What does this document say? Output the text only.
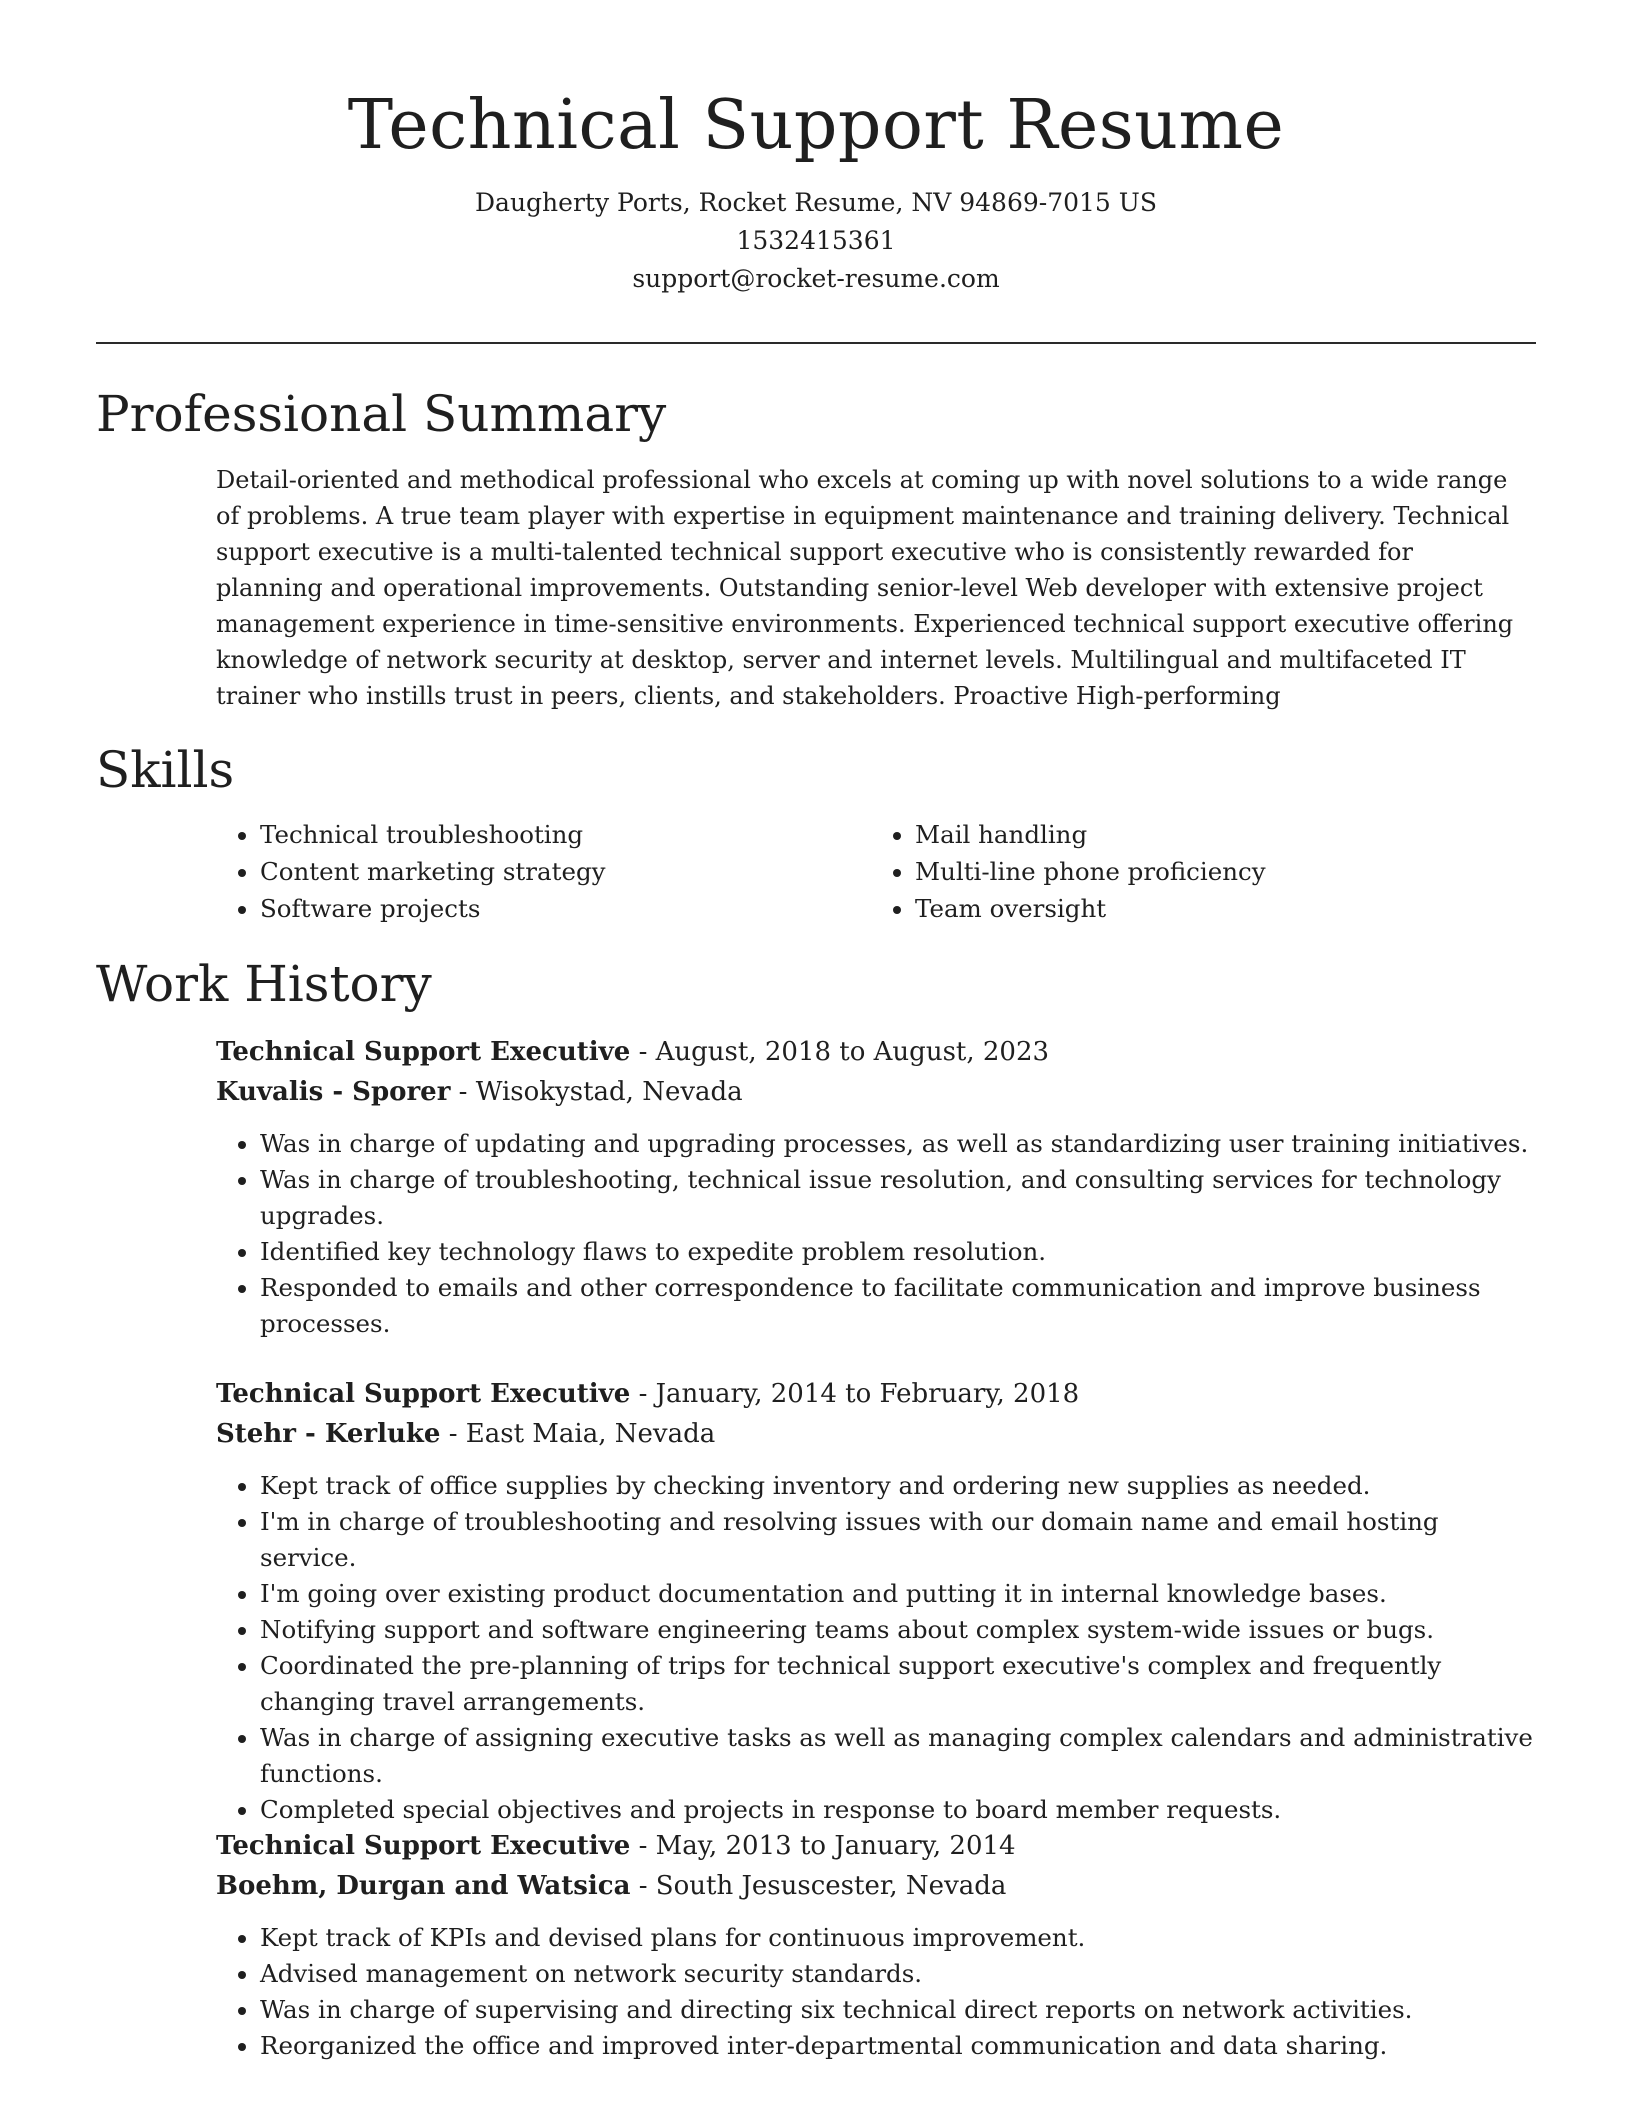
Technical Support Resume

Daugherty Ports, Rocket Resume, NV 94869-7015 US

1532415361

support@rocket-resume.com

Professional Summary

Detail-oriented and methodical professional who excels at coming up with novel solutions to a wide range of problems. A true team player with expertise in equipment maintenance and training delivery. Technical support executive is a multi-talented technical support executive who is consistently rewarded for planning and operational improvements. Outstanding senior-level Web developer with extensive project management experience in time-sensitive environments. Experienced technical support executive offering knowledge of network security at desktop, server and internet levels. Multilingual and multifaceted IT trainer who instills trust in peers, clients, and stakeholders. Proactive High-performing

Skills
• Technical troubleshooting
• Content marketing strategy
• Software projects
• Mail handling
• Multi-line phone proficiency
• Team oversight
Work History

Technical Support Executive - August, 2018 to August, 2023

Kuvalis - Sporer - Wisokystad, Nevada

• Was in charge of updating and upgrading processes, as well as standardizing user training initiatives.
• Was in charge of troubleshooting, technical issue resolution, and consulting services for technology upgrades.
• Identified key technology flaws to expedite problem resolution.
• Responded to emails and other correspondence to facilitate communication and improve business processes.

Technical Support Executive - January, 2014 to February, 2018

Stehr - Kerluke - East Maia, Nevada

• Kept track of office supplies by checking inventory and ordering new supplies as needed.
• I'm in charge of troubleshooting and resolving issues with our domain name and email hosting service.
• I'm going over existing product documentation and putting it in internal knowledge bases.
• Notifying support and software engineering teams about complex system-wide issues or bugs.
• Coordinated the pre-planning of trips for technical support executive's complex and frequently changing travel arrangements.
• Was in charge of assigning executive tasks as well as managing complex calendars and administrative functions.
• Completed special objectives and projects in response to board member requests.

Technical Support Executive - May, 2013 to January, 2014

Boehm, Durgan and Watsica - South Jesuscester, Nevada

• Kept track of KPIs and devised plans for continuous improvement.
• Advised management on network security standards.
• Was in charge of supervising and directing six technical direct reports on network activities.
• Reorganized the office and improved inter-departmental communication and data sharing.
